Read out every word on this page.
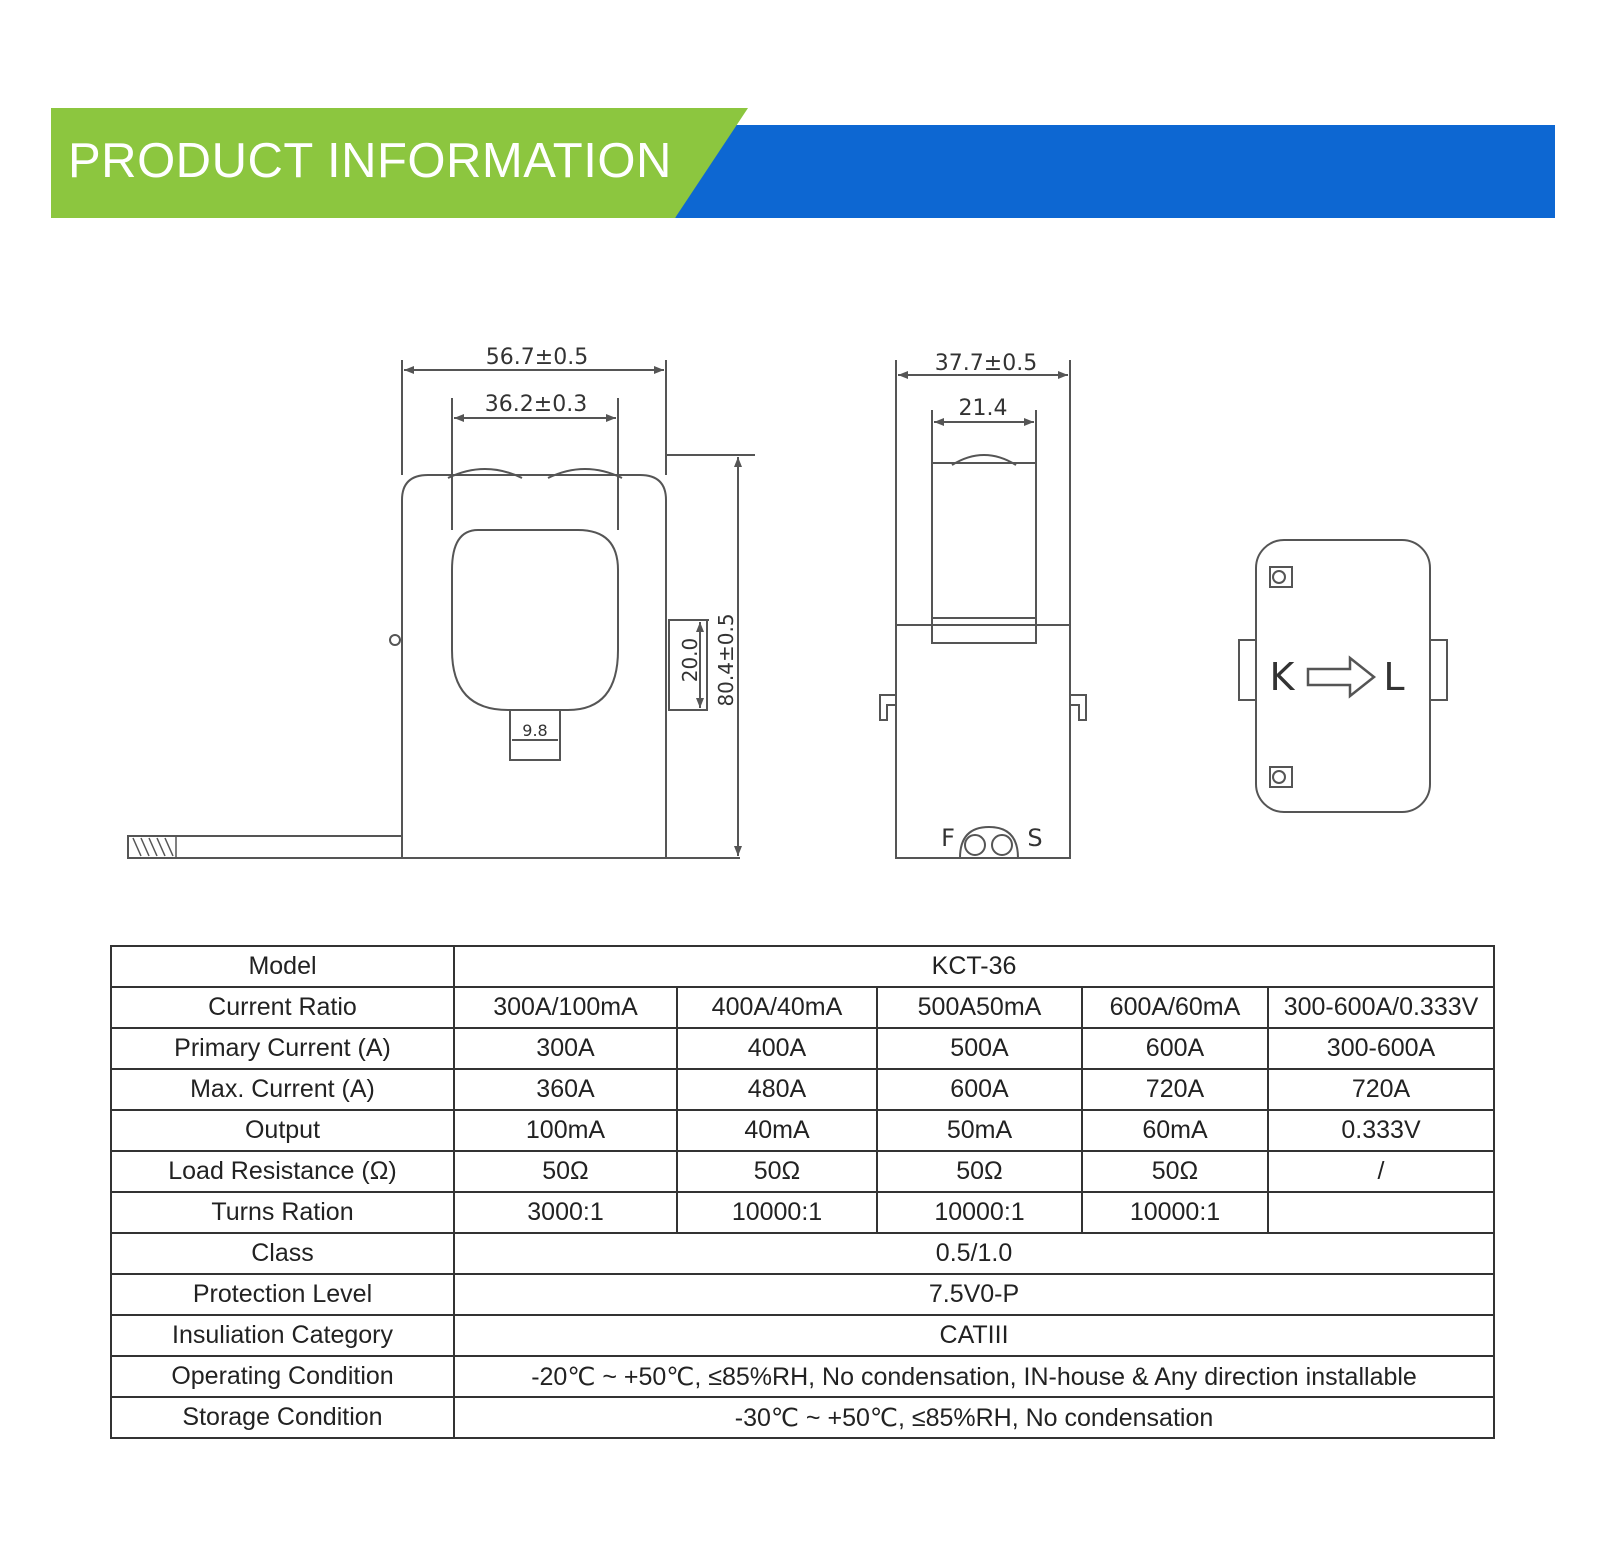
PRODUCT INFORMATION
56.7±0.5
36.2±0.3
80.4±0.5
20.0
9.8
37.7±0.5
21.4
F	S
K L
Model	KCT-36				
Current Ratio	300A/100mA	400A/40mA	500A50mA	600A/60mA	300-600A/0.333V
Primary Current (A)	300A	400A	500A	600A	300-600A
Max. Current (A)	360A	480A	600A	720A	720A
Output	100mA	40mA	50mA	60mA	0.333V
Load Resistance (Ω)	50Ω	50Ω	50Ω	50Ω	/
Turns Ration	3000:1	10000:1	10000:1	10000:1	
Class	0.5/1.0				
Protection Level	7.5V0-P				
Insuliation Category	CATIII				
Operating Condition	-20℃ ~ +50℃, ≤85%RH, No condensation, IN-house & Any direction installable				
Storage Condition	-30℃ ~ +50℃, ≤85%RH, No condensation				
